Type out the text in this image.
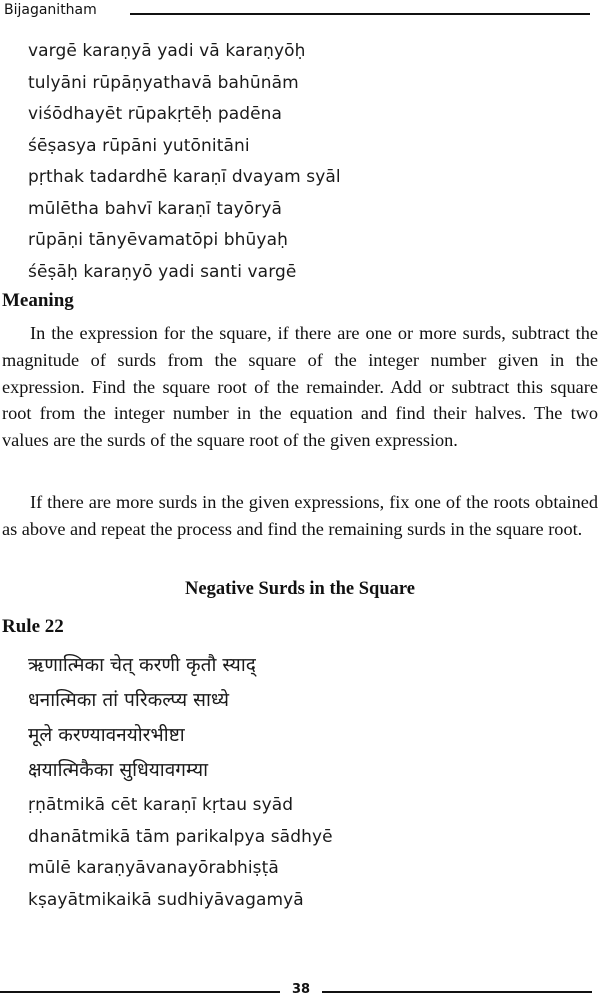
Bijaganitham
vargē karaṇyā yadi vā karaṇyōḥ
tulyāni rūpāṇyathavā bahūnām
viśōdhayēt rūpakṛtēḥ padēna
śēṣasya rūpāni yutōnitāni
pṛthak tadardhē karaṇī dvayam syāl
mūlētha bahvī karaṇī tayōryā
rūpāṇi tānyēvamatōpi bhūyaḥ
śēṣāḥ karaṇyō yadi santi vargē
Meaning

In the expression for the square, if there are one or more surds, subtract the magnitude of surds from the square of the integer number given in the expression. Find the square root of the remainder. Add or subtract this square root from the integer number in the equation and find their halves. The two values are the surds of the square root of the given expression.

If there are more surds in the given expressions, fix one of the roots obtained as above and repeat the process and find the remaining surds in the square root.

Negative Surds in the Square
Rule 22
ऋणात्मिका चेत् करणी कृतौ स्याद्
धनात्मिका तां परिकल्प्य साध्ये
मूले करण्यावनयोरभीष्टा
क्षयात्मिकैका सुधियावगम्या
ṛṇātmikā cēt karaṇī kṛtau syād
dhanātmikā tām parikalpya sādhyē
mūlē karaṇyāvanayōrabhiṣṭā
kṣayātmikaikā sudhiyāvagamyā
38
